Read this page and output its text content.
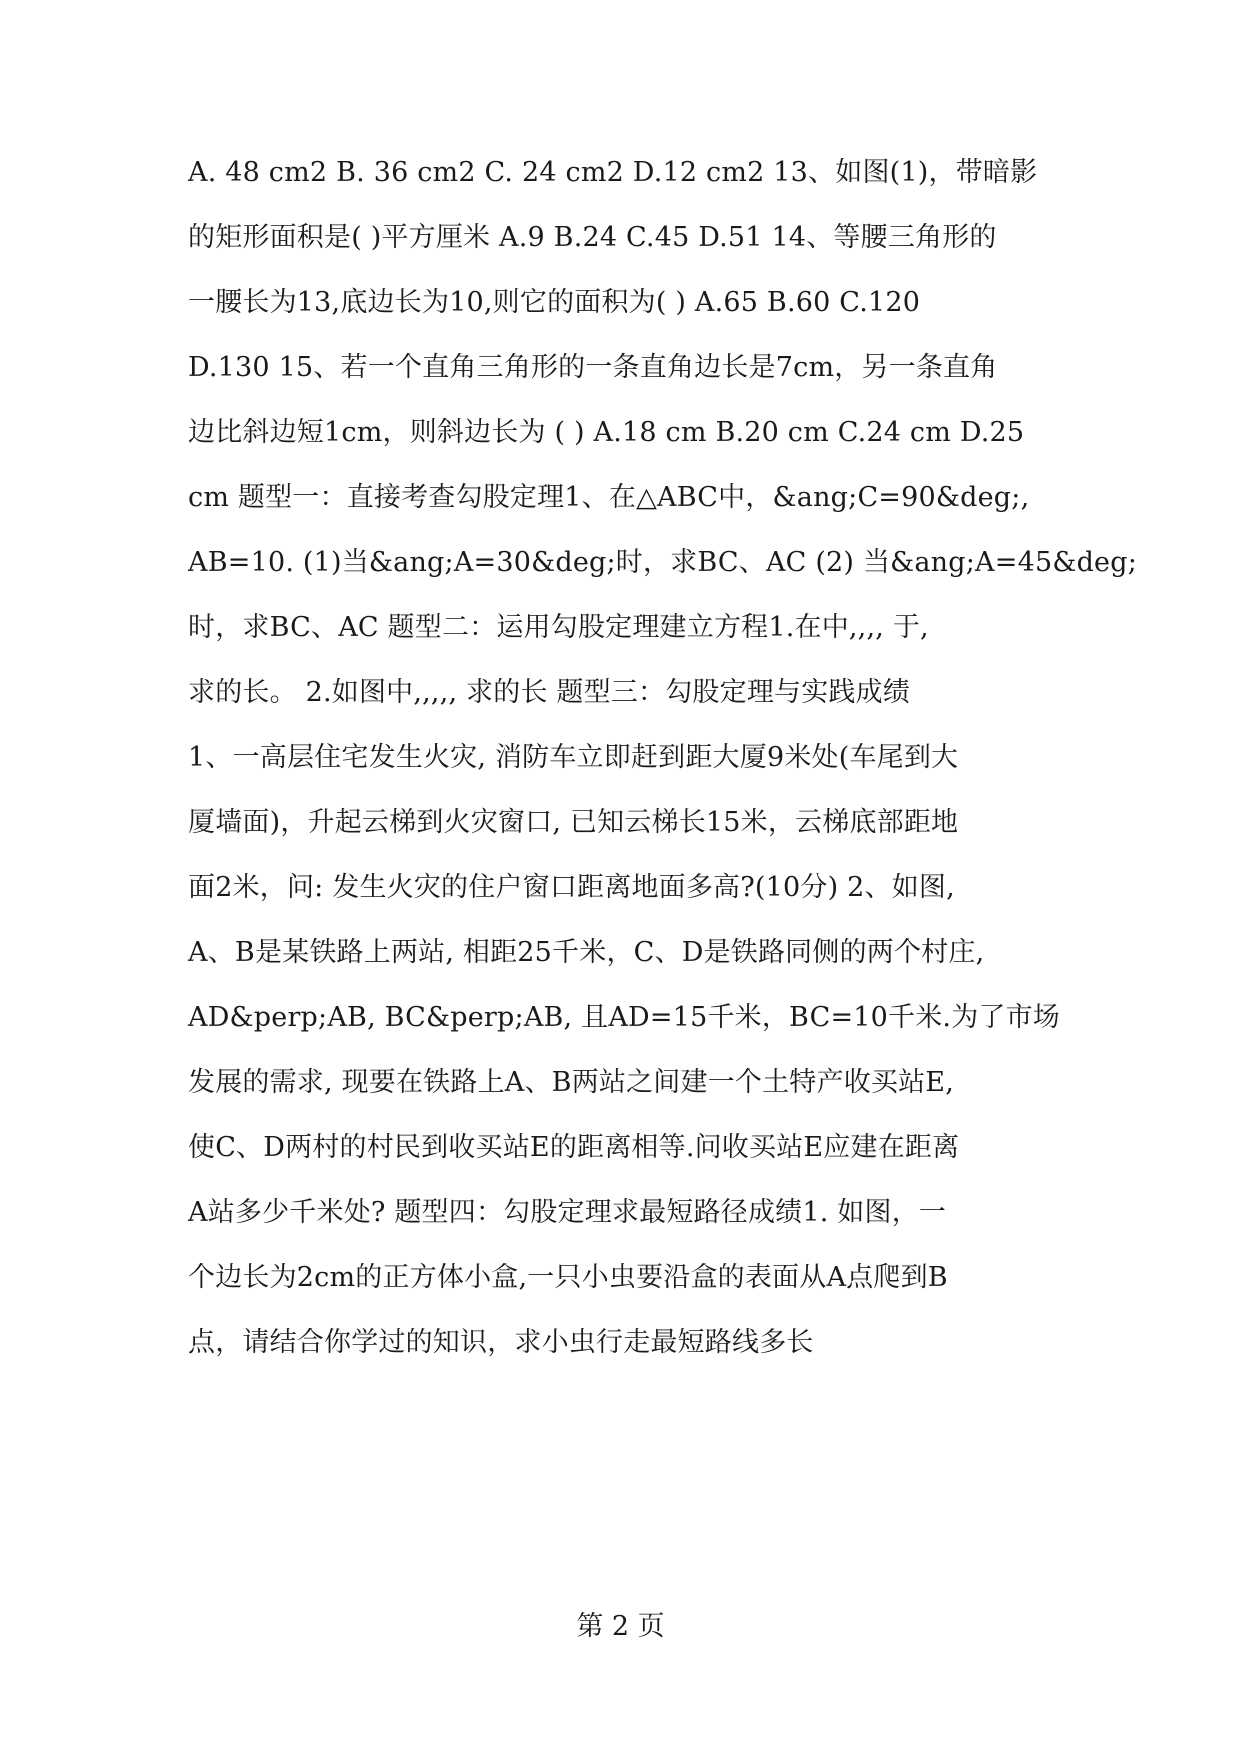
A. 48 cm2 B. 36 cm2 C. 24 cm2 D.12 cm2 13、如图(1)，带暗影
的矩形面积是( )平方厘米 A.9 B.24 C.45 D.51 14、等腰三角形的
一腰长为13,底边长为10,则它的面积为( ) A.65 B.60 C.120
D.130 15、若一个直角三角形的一条直角边长是7cm，另一条直角
边比斜边短1cm，则斜边长为 ( ) A.18 cm B.20 cm C.24 cm D.25
cm 题型一：直接考查勾股定理1、在△ABC中，&ang;C=90&deg;,
AB=10. (1)当&ang;A=30&deg;时，求BC、AC (2) 当&ang;A=45&deg;
时，求BC、AC 题型二：运用勾股定理建立方程1.在中,,,, 于,
求的长。 2.如图中,,,,, 求的长 题型三：勾股定理与实践成绩
1、一高层住宅发生火灾, 消防车立即赶到距大厦9米处(车尾到大
厦墙面)，升起云梯到火灾窗口, 已知云梯长15米，云梯底部距地
面2米，问: 发生火灾的住户窗口距离地面多高?(10分) 2、如图,
A、B是某铁路上两站, 相距25千米，C、D是铁路同侧的两个村庄,
AD&perp;AB, BC&perp;AB, 且AD=15千米，BC=10千米.为了市场
发展的需求, 现要在铁路上A、B两站之间建一个土特产收买站E,
使C、D两村的村民到收买站E的距离相等.问收买站E应建在距离
A站多少千米处? 题型四：勾股定理求最短路径成绩1. 如图，一
个边长为2cm的正方体小盒,一只小虫要沿盒的表面从A点爬到B
点，请结合你学过的知识，求小虫行走最短路线多长
第 2 页
